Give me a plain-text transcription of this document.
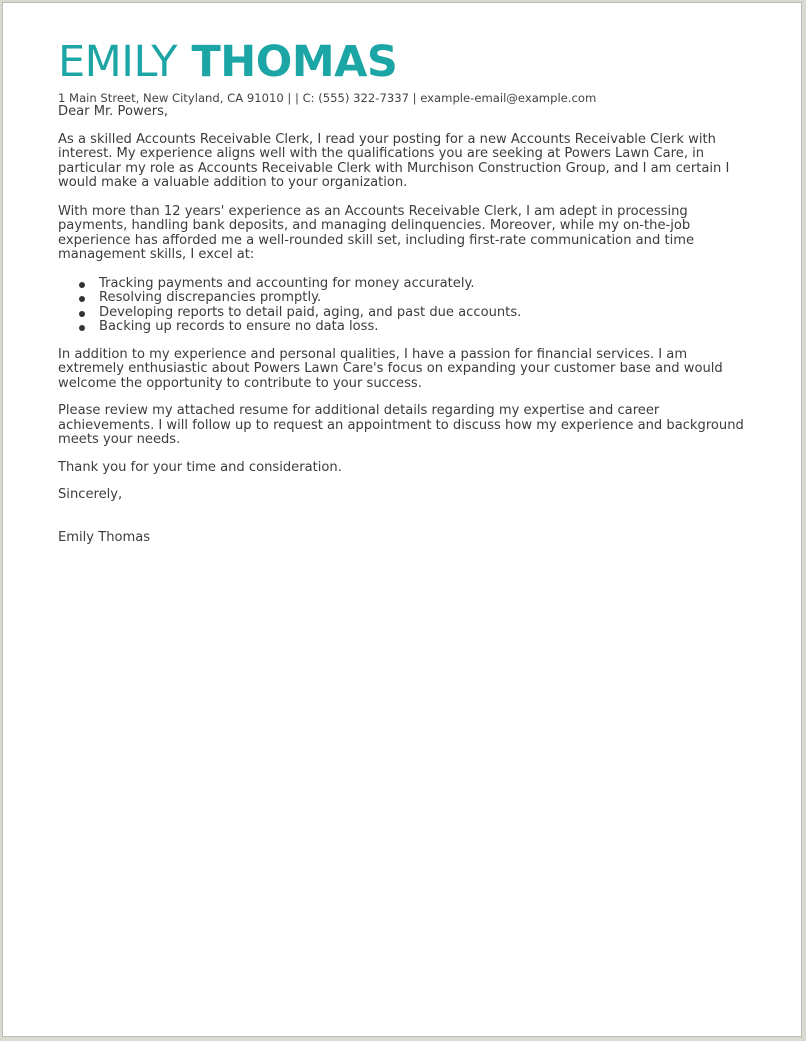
EMILY THOMAS
1 Main Street, New Cityland, CA 91010 | | C: (555) 322-7337 | example-email@example.com

Dear Mr. Powers,

As a skilled Accounts Receivable Clerk, I read your posting for a new Accounts Receivable Clerk with interest. My experience aligns well with the qualifications you are seeking at Powers Lawn Care, in particular my role as Accounts Receivable Clerk with Murchison Construction Group, and I am certain I would make a valuable addition to your organization.

With more than 12 years' experience as an Accounts Receivable Clerk, I am adept in processing payments, handling bank deposits, and managing delinquencies. Moreover, while my on-the-job experience has afforded me a well-rounded skill set, including first-rate communication and time management skills, I excel at:

Tracking payments and accounting for money accurately.
Resolving discrepancies promptly.
Developing reports to detail paid, aging, and past due accounts.
Backing up records to ensure no data loss.

In addition to my experience and personal qualities, I have a passion for financial services. I am extremely enthusiastic about Powers Lawn Care's focus on expanding your customer base and would welcome the opportunity to contribute to your success.

Please review my attached resume for additional details regarding my expertise and career achievements. I will follow up to request an appointment to discuss how my experience and background meets your needs.

Thank you for your time and consideration.

Sincerely,

Emily Thomas
